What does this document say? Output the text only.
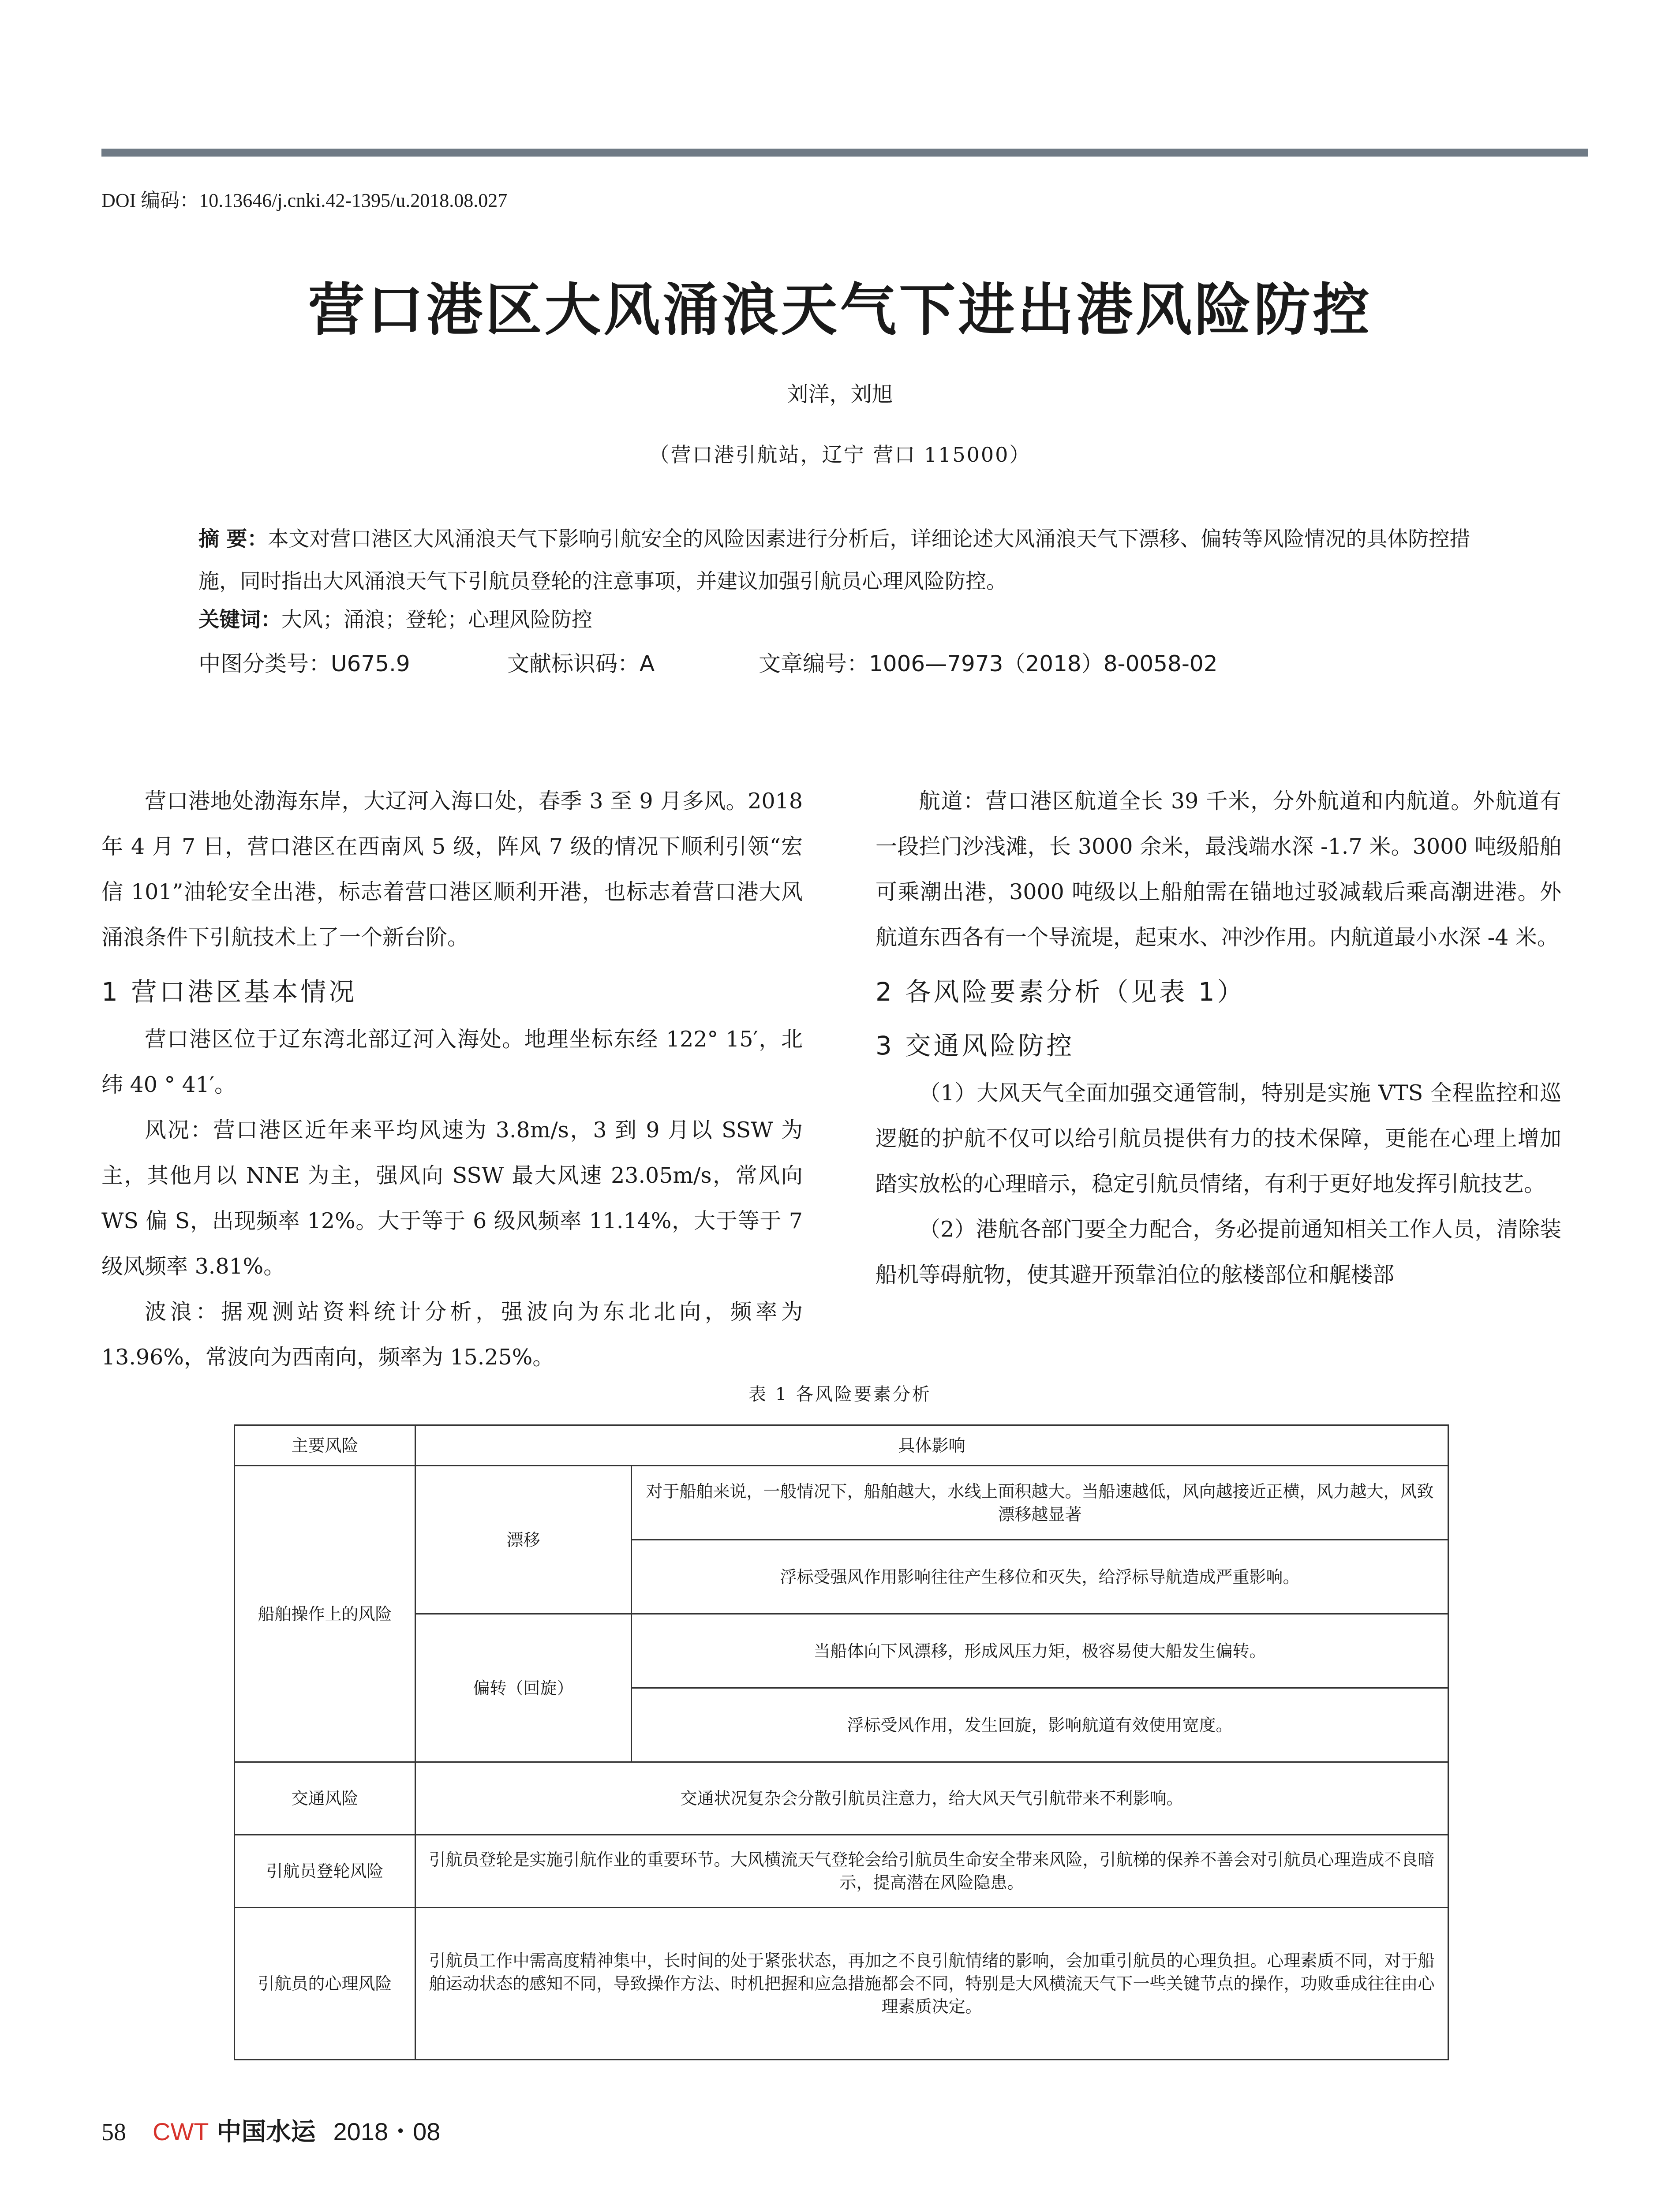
DOI 编码：10.13646/j.cnki.42-1395/u.2018.08.027
营口港区大风涌浪天气下进出港风险防控
刘洋，刘旭
（营口港引航站，辽宁 营口 115000）
摘 要：本文对营口港区大风涌浪天气下影响引航安全的风险因素进行分析后，详细论述大风涌浪天气下漂移、偏转等风险情况的具体防控措施，同时指出大风涌浪天气下引航员登轮的注意事项，并建议加强引航员心理风险防控。
关键词：大风；涌浪；登轮；心理风险防控
中图分类号：U675.9	文献标识码：A	文章编号：1006—7973（2018）8-0058-02

营口港地处渤海东岸，大辽河入海口处，春季 3 至 9 月多风。2018 年 4 月 7 日，营口港区在西南风 5 级，阵风 7 级的情况下顺利引领“宏信 101”油轮安全出港，标志着营口港区顺利开港，也标志着营口港大风涌浪条件下引航技术上了一个新台阶。

1 营口港区基本情况

营口港区位于辽东湾北部辽河入海处。地理坐标东经 122° 15′，北纬 40 ° 41′。

风况：营口港区近年来平均风速为 3.8m/s，3 到 9 月以 SSW 为主，其他月以 NNE 为主，强风向 SSW 最大风速 23.05m/s，常风向 WS 偏 S，出现频率 12%。大于等于 6 级风频率 11.14%，大于等于 7 级风频率 3.81%。

波浪：据观测站资料统计分析，强波向为东北北向，频率为 13.96%，常波向为西南向，频率为 15.25%。

航道：营口港区航道全长 39 千米，分外航道和内航道。外航道有一段拦门沙浅滩，长 3000 余米，最浅端水深 -1.7 米。3000 吨级船舶可乘潮出港，3000 吨级以上船舶需在锚地过驳减载后乘高潮进港。外航道东西各有一个导流堤，起束水、冲沙作用。内航道最小水深 -4 米。

2 各风险要素分析（见表 1）
3 交通风险防控

（1）大风天气全面加强交通管制，特别是实施 VTS 全程监控和巡逻艇的护航不仅可以给引航员提供有力的技术保障，更能在心理上增加踏实放松的心理暗示，稳定引航员情绪，有利于更好地发挥引航技艺。

（2）港航各部门要全力配合，务必提前通知相关工作人员，清除装船机等碍航物，使其避开预靠泊位的舷楼部位和艉楼部

表 1 各风险要素分析
主要风险	具体影响	
船舶操作上的风险	漂移	对于船舶来说，一般情况下，船舶越大，水线上面积越大。当船速越低，风向越接近正横，风力越大，风致漂移越显著
		浮标受强风作用影响往往产生移位和灭失，给浮标导航造成严重影响。
	偏转（回旋）	当船体向下风漂移，形成风压力矩，极容易使大船发生偏转。
		浮标受风作用，发生回旋，影响航道有效使用宽度。
交通风险	交通状况复杂会分散引航员注意力，给大风天气引航带来不利影响。	
引航员登轮风险	引航员登轮是实施引航作业的重要环节。大风横流天气登轮会给引航员生命安全带来风险，引航梯的保养不善会对引航员心理造成不良暗示，提高潜在风险隐患。	
引航员的心理风险	引航员工作中需高度精神集中，长时间的处于紧张状态，再加之不良引航情绪的影响，会加重引航员的心理负担。心理素质不同，对于船舶运动状态的感知不同，导致操作方法、时机把握和应急措施都会不同，特别是大风横流天气下一些关键节点的操作，功败垂成往往由心理素质决定。	
58 CWT 中国水运 2018・08
